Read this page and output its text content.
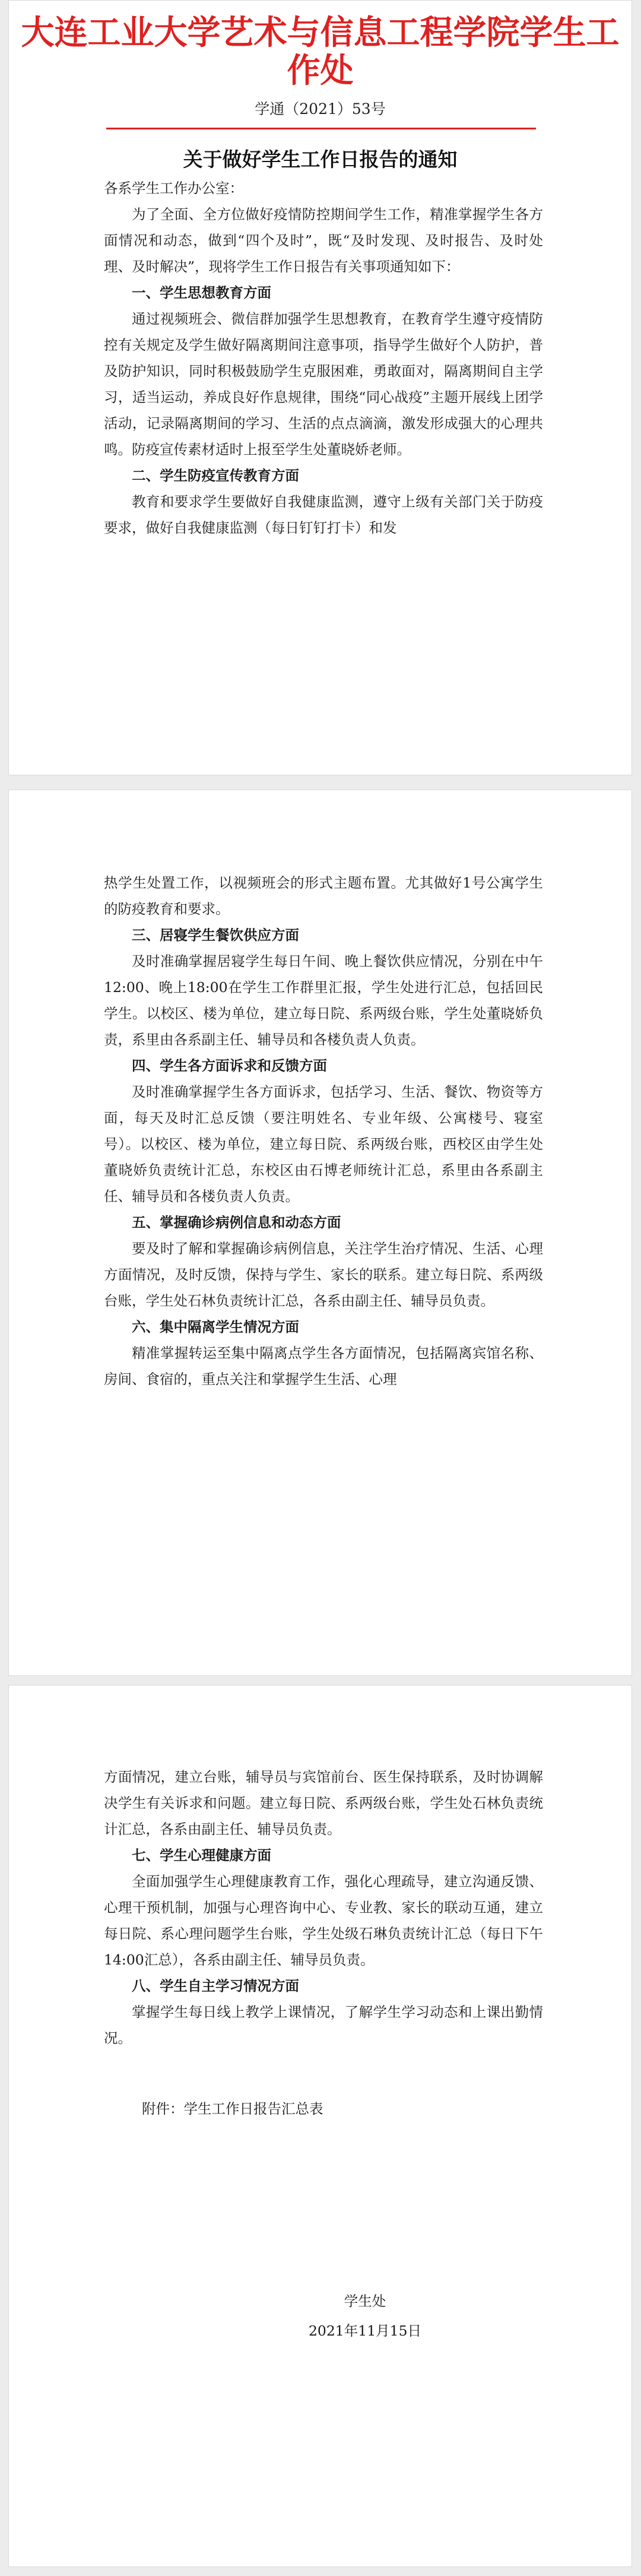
大连工业大学艺术与信息工程学院学生工作处
学通（2021）53号
关于做好学生工作日报告的通知

各系学生工作办公室：

为了全面、全方位做好疫情防控期间学生工作，精准掌握学生各方面情况和动态，做到“四个及时”，既“及时发现、及时报告、及时处理、及时解决”，现将学生工作日报告有关事项通知如下：

一、学生思想教育方面

通过视频班会、微信群加强学生思想教育，在教育学生遵守疫情防控有关规定及学生做好隔离期间注意事项，指导学生做好个人防护，普及防护知识，同时积极鼓励学生克服困难，勇敢面对，隔离期间自主学习，适当运动，养成良好作息规律，围绕“同心战疫”主题开展线上团学活动，记录隔离期间的学习、生活的点点滴滴，激发形成强大的心理共鸣。防疫宣传素材适时上报至学生处董晓娇老师。

二、学生防疫宣传教育方面

教育和要求学生要做好自我健康监测，遵守上级有关部门关于防疫要求，做好自我健康监测（每日钉钉打卡）和发

热学生处置工作，以视频班会的形式主题布置。尤其做好1号公寓学生的防疫教育和要求。

三、居寝学生餐饮供应方面

及时准确掌握居寝学生每日午间、晚上餐饮供应情况，分别在中午12:00、晚上18:00在学生工作群里汇报，学生处进行汇总，包括回民学生。以校区、楼为单位，建立每日院、系两级台账，学生处董晓娇负责，系里由各系副主任、辅导员和各楼负责人负责。

四、学生各方面诉求和反馈方面

及时准确掌握学生各方面诉求，包括学习、生活、餐饮、物资等方面，每天及时汇总反馈（要注明姓名、专业年级、公寓楼号、寝室号）。以校区、楼为单位，建立每日院、系两级台账，西校区由学生处董晓娇负责统计汇总，东校区由石博老师统计汇总，系里由各系副主任、辅导员和各楼负责人负责。

五、掌握确诊病例信息和动态方面

要及时了解和掌握确诊病例信息，关注学生治疗情况、生活、心理方面情况，及时反馈，保持与学生、家长的联系。建立每日院、系两级台账，学生处石林负责统计汇总，各系由副主任、辅导员负责。

六、集中隔离学生情况方面

精准掌握转运至集中隔离点学生各方面情况，包括隔离宾馆名称、房间、食宿的，重点关注和掌握学生生活、心理

方面情况，建立台账，辅导员与宾馆前台、医生保持联系，及时协调解决学生有关诉求和问题。建立每日院、系两级台账，学生处石林负责统计汇总，各系由副主任、辅导员负责。

七、学生心理健康方面

全面加强学生心理健康教育工作，强化心理疏导，建立沟通反馈、心理干预机制，加强与心理咨询中心、专业教、家长的联动互通，建立每日院、系心理问题学生台账，学生处级石琳负责统计汇总（每日下午14:00汇总），各系由副主任、辅导员负责。

八、学生自主学习情况方面

掌握学生每日线上教学上课情况，了解学生学习动态和上课出勤情况。

附件：学生工作日报告汇总表
学生处
2021年11月15日
